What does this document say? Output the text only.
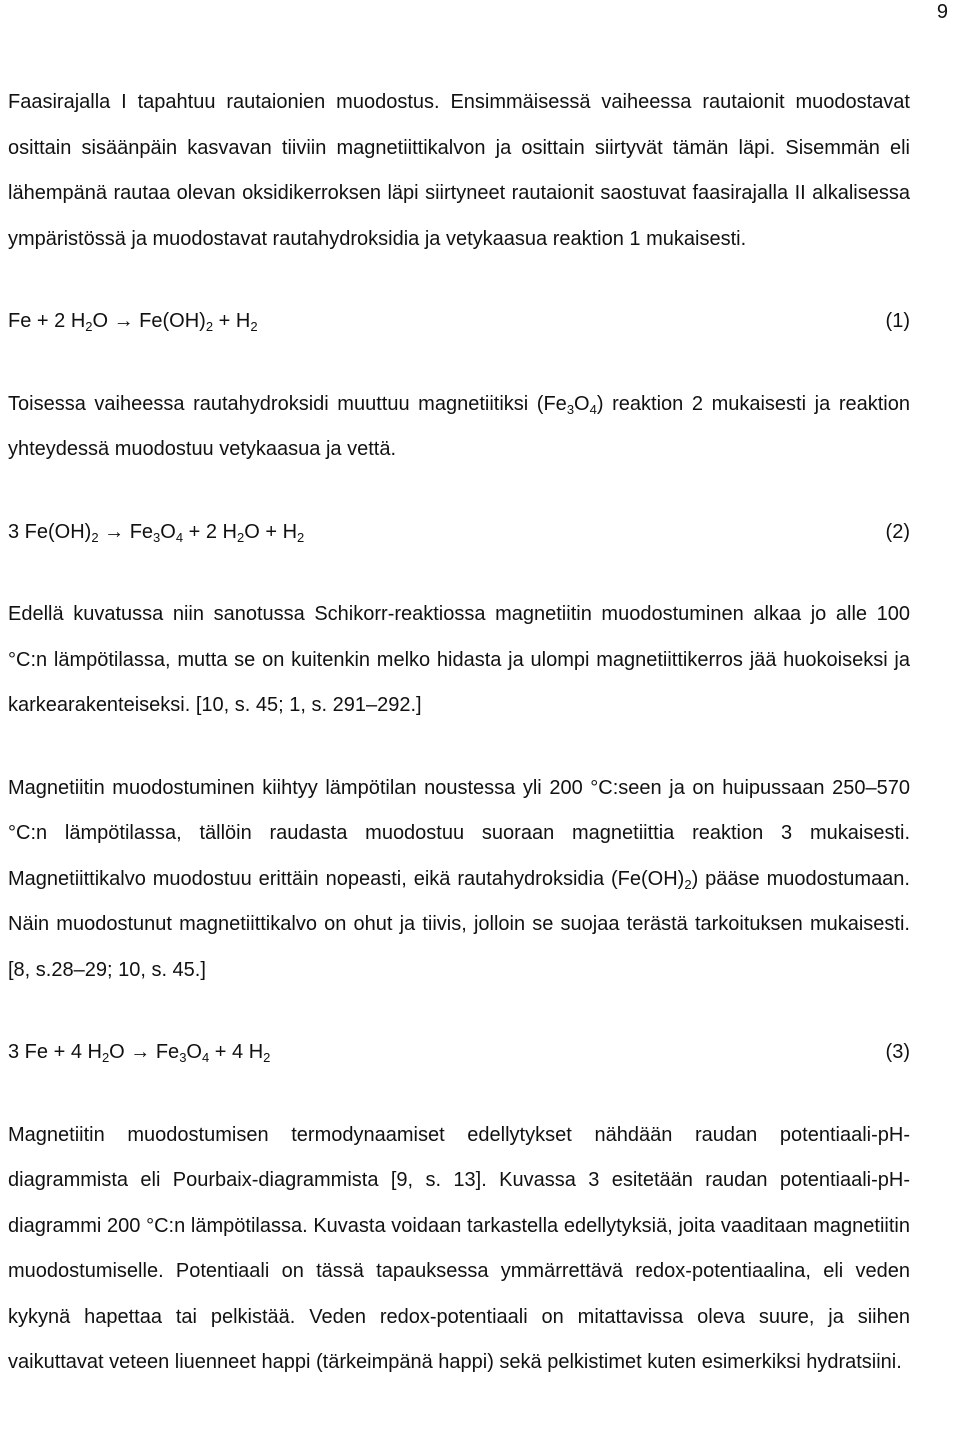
9

Faasirajalla I tapahtuu rautaionien muodostus. Ensimmäisessä vaiheessa rautaionit muodostavat osittain sisäänpäin kasvavan tiiviin magnetiittikalvon ja osittain siirtyvät tämän läpi. Sisemmän eli lähempänä rautaa olevan oksidikerroksen läpi siirtyneet rautaionit saostuvat faasirajalla II alkalisessa ympäristössä ja muodostavat rautahydroksidia ja vetykaasua reaktion 1 mukaisesti.

Fe + 2 $H_2O \to Fe(OH)_2 + H_2$	(1)

Toisessa vaiheessa rautahydroksidi muuttuu magnetiitiksi $(Fe_3O_4)$ reaktion 2 mukaisesti ja reaktion yhteydessä muodostuu vetykaasua ja vettä.

3 $Fe(OH)_2 \to Fe_3O_4 + 2$ $H_2O + H_2$	(2)

Edellä kuvatussa niin sanotussa Schikorr-reaktiossa magnetiitin muodostuminen alkaa jo alle 100 °C:n lämpötilassa, mutta se on kuitenkin melko hidasta ja ulompi magnetiittikerros jää huokoiseksi ja karkearakenteiseksi. [10, s. 45; 1, s. 291–292.]

Magnetiitin muodostuminen kiihtyy lämpötilan noustessa yli 200 °C:seen ja on huipussaan 250–570 °C:n lämpötilassa, tällöin raudasta muodostuu suoraan magnetiittia reaktion 3 mukaisesti. Magnetiittikalvo muodostuu erittäin nopeasti, eikä rautahydroksidia $(Fe(OH)_2)$ pääse muodostumaan. Näin muodostunut magnetiittikalvo on ohut ja tiivis, jolloin se suojaa terästä tarkoituksen mukaisesti. [8, s.28–29; 10, s. 45.]

3 Fe + 4 $H_2O \to Fe_3O_4 + 4$ $H_2$	(3)

Magnetiitin muodostumisen termodynaamiset edellytykset nähdään raudan potentiaali-pH-diagrammista eli Pourbaix-diagrammista [9, s. 13]. Kuvassa 3 esitetään raudan potentiaali-pH-diagrammi 200 °C:n lämpötilassa. Kuvasta voidaan tarkastella edellytyksiä, joita vaaditaan magnetiitin muodostumiselle. Potentiaali on tässä tapauksessa ymmärrettävä redox-potentiaalina, eli veden kykynä hapettaa tai pelkistää. Veden redox-potentiaali on mitattavissa oleva suure, ja siihen vaikuttavat veteen liuenneet happi (tärkeimpänä happi) sekä pelkistimet kuten esimerkiksi hydratsiini.
